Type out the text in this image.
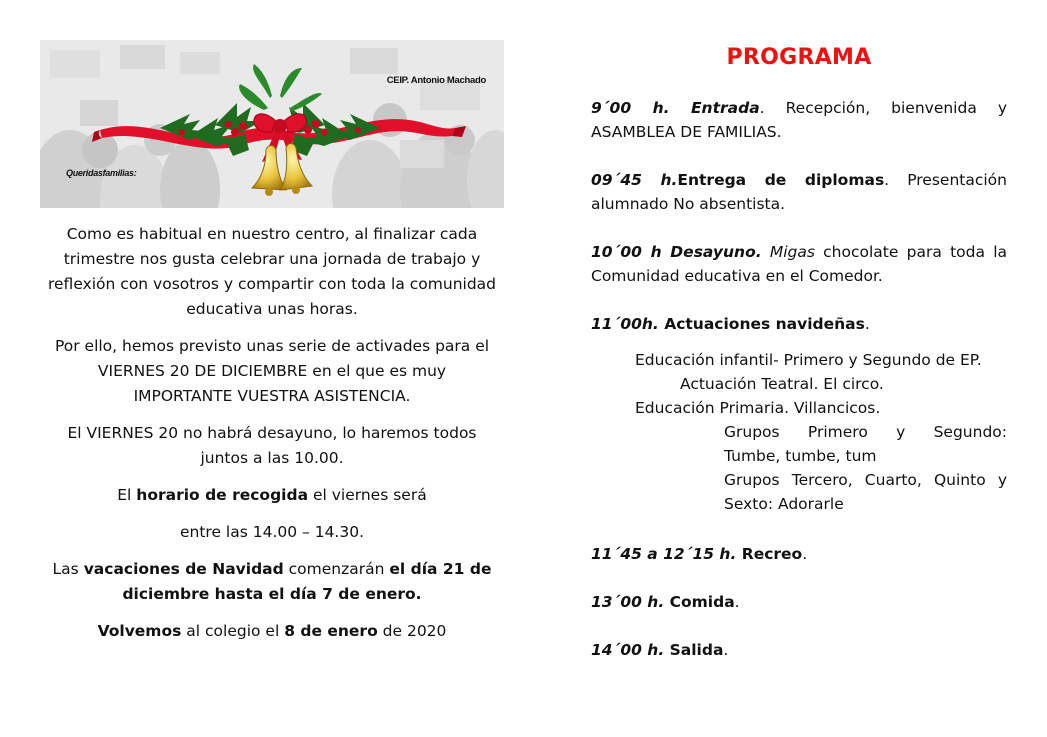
CEIP. Antonio Machado
Queridasfamilias:

Como es habitual en nuestro centro, al finalizar cada trimestre nos gusta celebrar una jornada de trabajo y reflexión con vosotros y compartir con toda la comunidad educativa unas horas.

Por ello, hemos previsto unas serie de activades para el
VIERNES 20 DE DICIEMBRE en el que es muy
IMPORTANTE VUESTRA ASISTENCIA.

El VIERNES 20 no habrá desayuno, lo haremos todos
juntos a las 10.00.

El horario de recogida el viernes será

entre las 14.00 – 14.30.

Las vacaciones de Navidad comenzarán el día 21 de diciembre hasta el día 7 de enero.

Volvemos al colegio el 8 de enero de 2020

PROGRAMA
9´00 h. Entrada. Recepción, bienvenida y ASAMBLEA DE FAMILIAS.
09´45 h.Entrega de diplomas. Presentación alumnado No absentista.
10´00 h Desayuno. Migas chocolate para toda la Comunidad educativa en el Comedor.
11´00h. Actuaciones navideñas.
Educación infantil- Primero y Segundo de EP.
Actuación Teatral. El circo.
Educación Primaria. Villancicos.
Grupos Primero y Segundo:
Tumbe, tumbe, tum
Grupos Tercero, Cuarto, Quinto y
Sexto: Adorarle
11´45 a 12´15 h. Recreo.
13´00 h. Comida.
14´00 h. Salida.
